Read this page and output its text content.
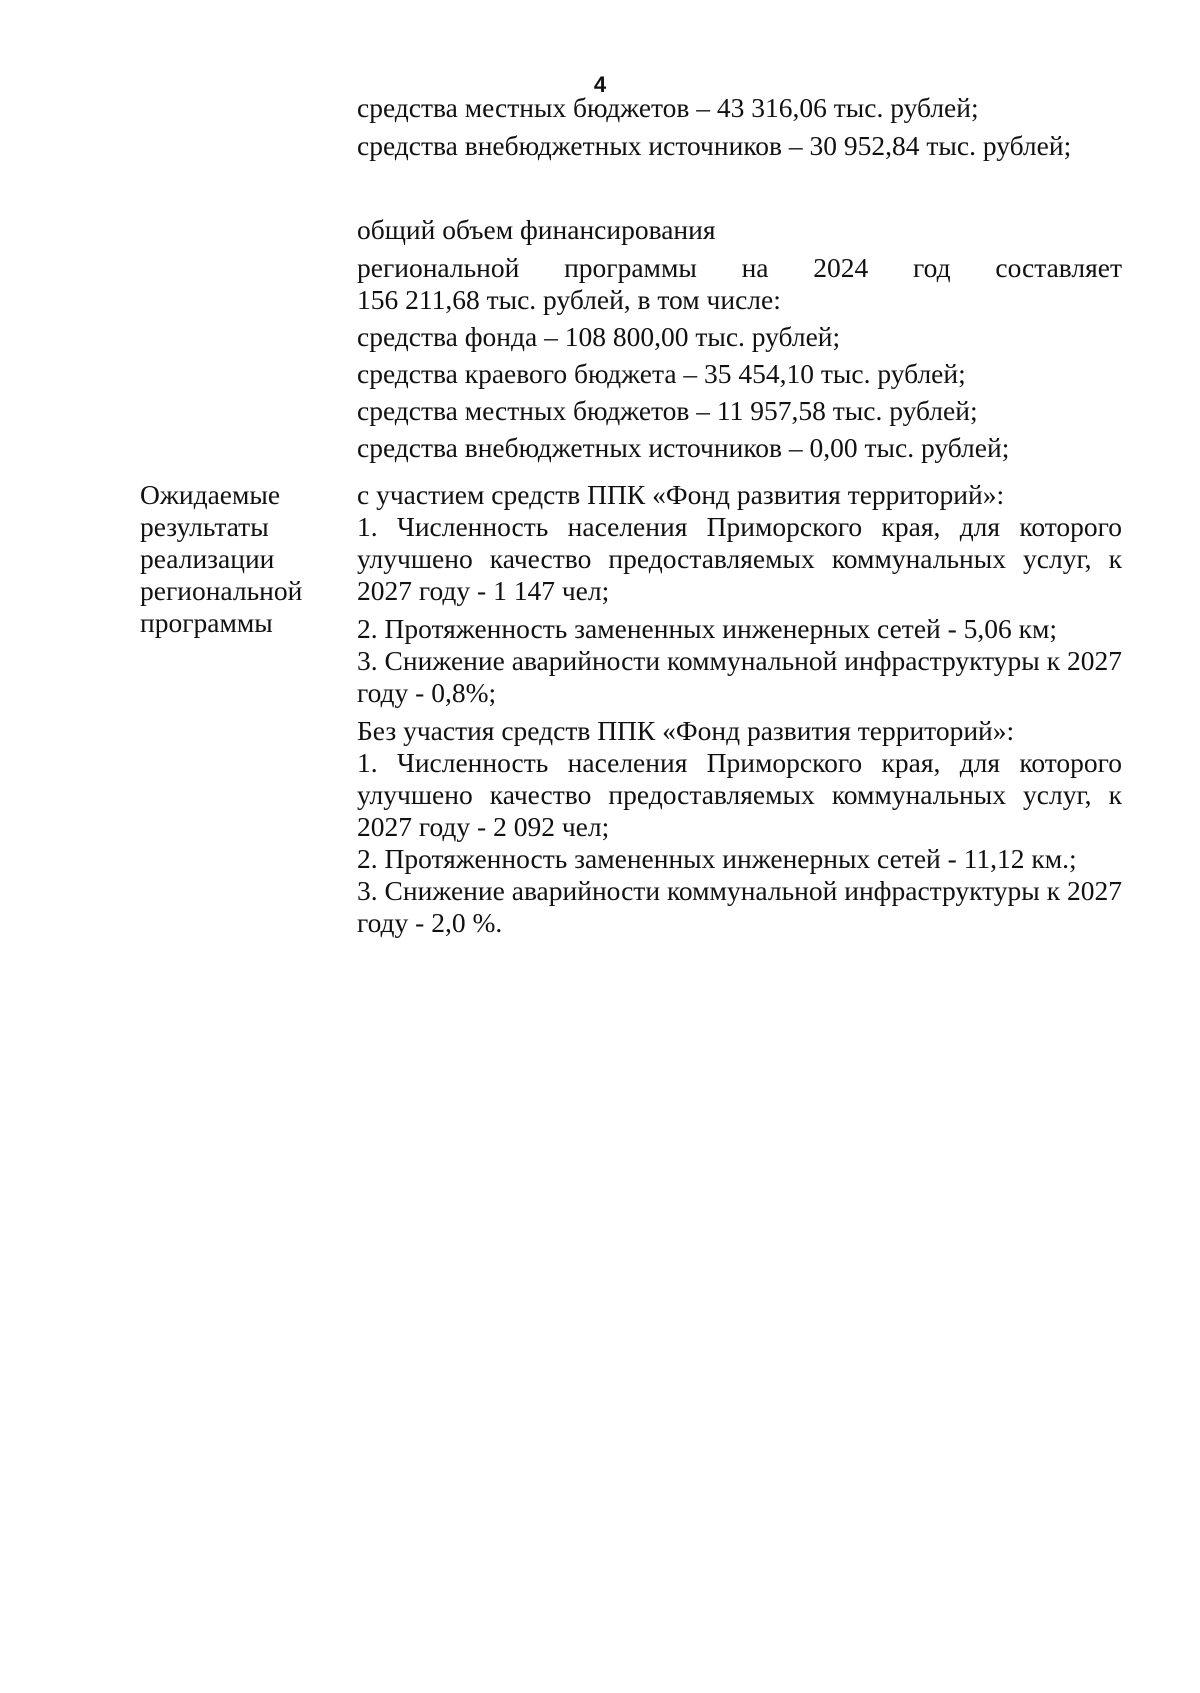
4
средства местных бюджетов – 43 316,06 тыс. рублей;
средства внебюджетных источников – 30 952,84 тыс. рублей;
общий объем финансирования
региональной программы на 2024 год составляет
156 211,68 тыс. рублей, в том числе:
средства фонда – 108 800,00 тыс. рублей;
средства краевого бюджета – 35 454,10 тыс. рублей;
средства местных бюджетов – 11 957,58 тыс. рублей;
средства внебюджетных источников – 0,00 тыс. рублей;
Ожидаемые
результаты
реализации
региональной
программы
с участием средств ППК «Фонд развития территорий»:

1. Численность населения Приморского края, для которого улучшено качество предоставляемых коммунальных услуг, к 2027 году - 1 147 чел;

2. Протяженность замененных инженерных сетей - 5,06 км;

3. Снижение аварийности коммунальной инфраструктуры к 2027 году - 0,8%;

Без участия средств ППК «Фонд развития территорий»:

1. Численность населения Приморского края, для которого улучшено качество предоставляемых коммунальных услуг, к 2027 году - 2 092 чел;

2. Протяженность замененных инженерных сетей - 11,12 км.;

3. Снижение аварийности коммунальной инфраструктуры к 2027 году - 2,0 %.
